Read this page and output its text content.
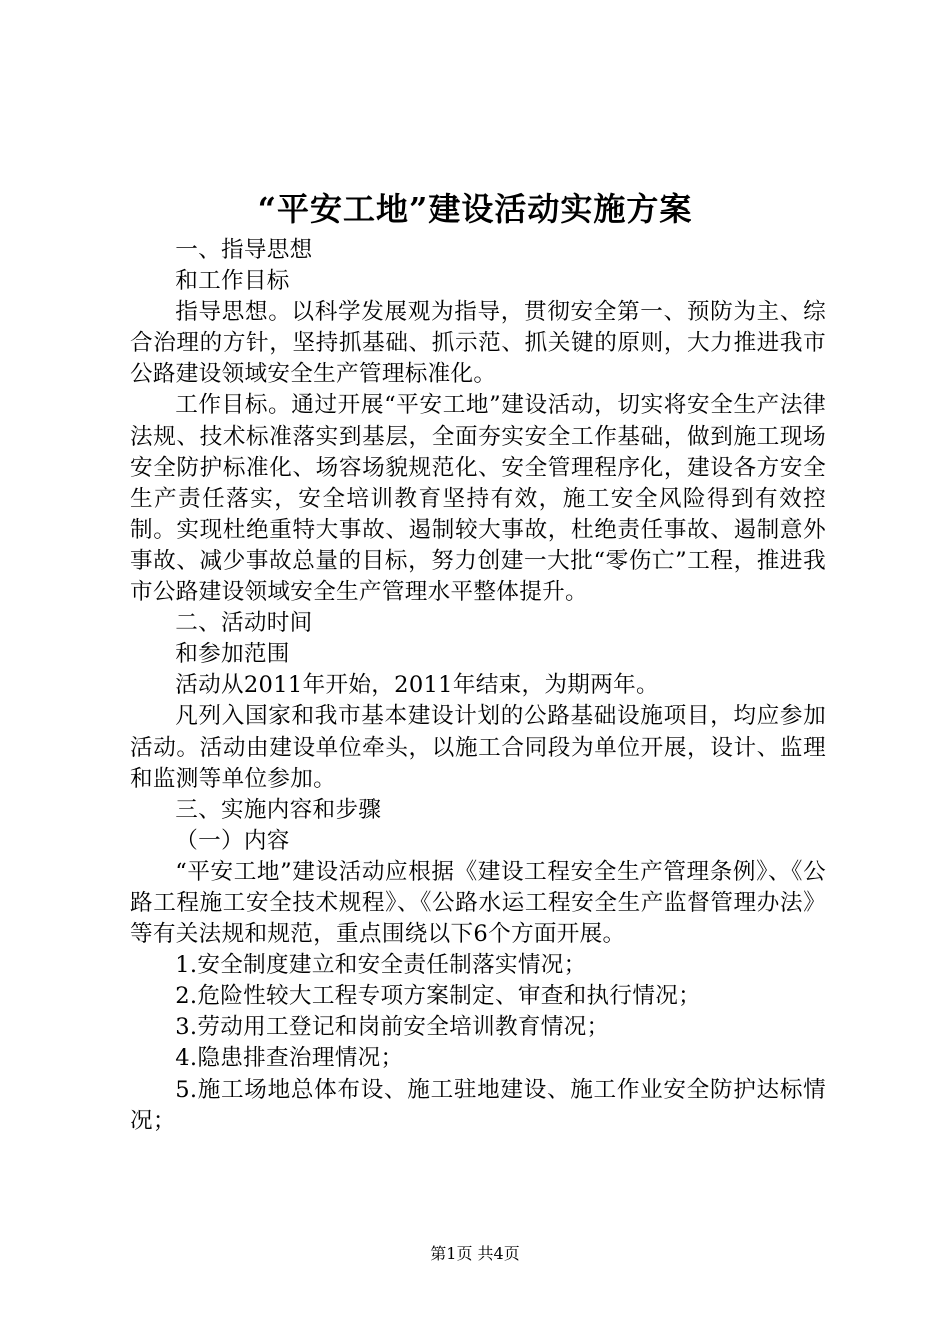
“平安工地”建设活动实施方案

一、指导思想

和工作目标

指导思想。以科学发展观为指导，贯彻安全第一、预防为主、综合治理的方针，坚持抓基础、抓示范、抓关键的原则，大力推进我市公路建设领域安全生产管理标准化。

工作目标。通过开展“平安工地”建设活动，切实将安全生产法律法规、技术标准落实到基层，全面夯实安全工作基础，做到施工现场安全防护标准化、场容场貌规范化、安全管理程序化，建设各方安全生产责任落实，安全培训教育坚持有效，施工安全风险得到有效控制。实现杜绝重特大事故、遏制较大事故，杜绝责任事故、遏制意外事故、减少事故总量的目标，努力创建一大批“零伤亡”工程，推进我市公路建设领域安全生产管理水平整体提升。

二、活动时间

和参加范围

活动从2011年开始，2011年结束，为期两年。

凡列入国家和我市基本建设计划的公路基础设施项目，均应参加活动。活动由建设单位牵头，以施工合同段为单位开展，设计、监理和监测等单位参加。

三、实施内容和步骤

（一）内容

“平安工地”建设活动应根据《建设工程安全生产管理条例》、《公路工程施工安全技术规程》、《公路水运工程安全生产监督管理办法》等有关法规和规范，重点围绕以下6个方面开展。

1.安全制度建立和安全责任制落实情况；

2.危险性较大工程专项方案制定、审查和执行情况；

3.劳动用工登记和岗前安全培训教育情况；

4.隐患排查治理情况；

5.施工场地总体布设、施工驻地建设、施工作业安全防护达标情况；

第1页 共4页
